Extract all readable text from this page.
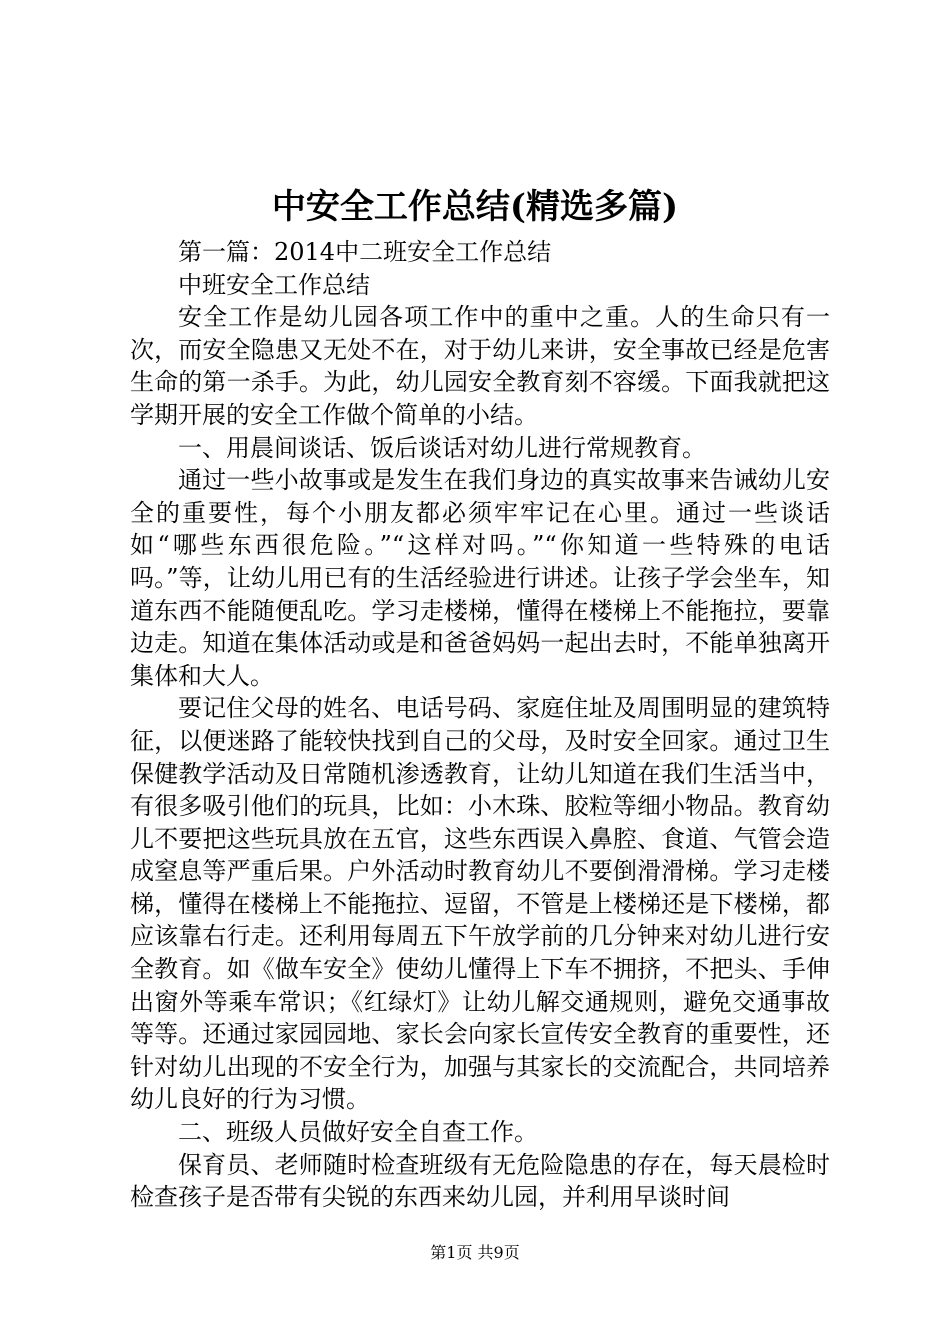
中安全工作总结(精选多篇)

第一篇：2014中二班安全工作总结

中班安全工作总结

安全工作是幼儿园各项工作中的重中之重。人的生命只有一次，而安全隐患又无处不在，对于幼儿来讲，安全事故已经是危害生命的第一杀手。为此，幼儿园安全教育刻不容缓。下面我就把这学期开展的安全工作做个简单的小结。

一、用晨间谈话、饭后谈话对幼儿进行常规教育。

通过一些小故事或是发生在我们身边的真实故事来告诫幼儿安全的重要性，每个小朋友都必须牢牢记在心里。通过一些谈话如“哪些东西很危险。”“这样对吗。”“你知道一些特殊的电话吗。”等，让幼儿用已有的生活经验进行讲述。让孩子学会坐车，知道东西不能随便乱吃。学习走楼梯，懂得在楼梯上不能拖拉，要靠边走。知道在集体活动或是和爸爸妈妈一起出去时，不能单独离开集体和大人。

要记住父母的姓名、电话号码、家庭住址及周围明显的建筑特征，以便迷路了能较快找到自己的父母，及时安全回家。通过卫生保健教学活动及日常随机渗透教育，让幼儿知道在我们生活当中，有很多吸引他们的玩具，比如：小木珠、胶粒等细小物品。教育幼儿不要把这些玩具放在五官，这些东西误入鼻腔、食道、气管会造成窒息等严重后果。户外活动时教育幼儿不要倒滑滑梯。学习走楼梯，懂得在楼梯上不能拖拉、逗留，不管是上楼梯还是下楼梯，都应该靠右行走。还利用每周五下午放学前的几分钟来对幼儿进行安全教育。如《做车安全》使幼儿懂得上下车不拥挤，不把头、手伸出窗外等乘车常识；《红绿灯》让幼儿解交通规则，避免交通事故等等。还通过家园园地、家长会向家长宣传安全教育的重要性，还针对幼儿出现的不安全行为，加强与其家长的交流配合，共同培养幼儿良好的行为习惯。

二、班级人员做好安全自查工作。

保育员、老师随时检查班级有无危险隐患的存在，每天晨检时检查孩子是否带有尖锐的东西来幼儿园，并利用早谈时间

第1页 共9页
